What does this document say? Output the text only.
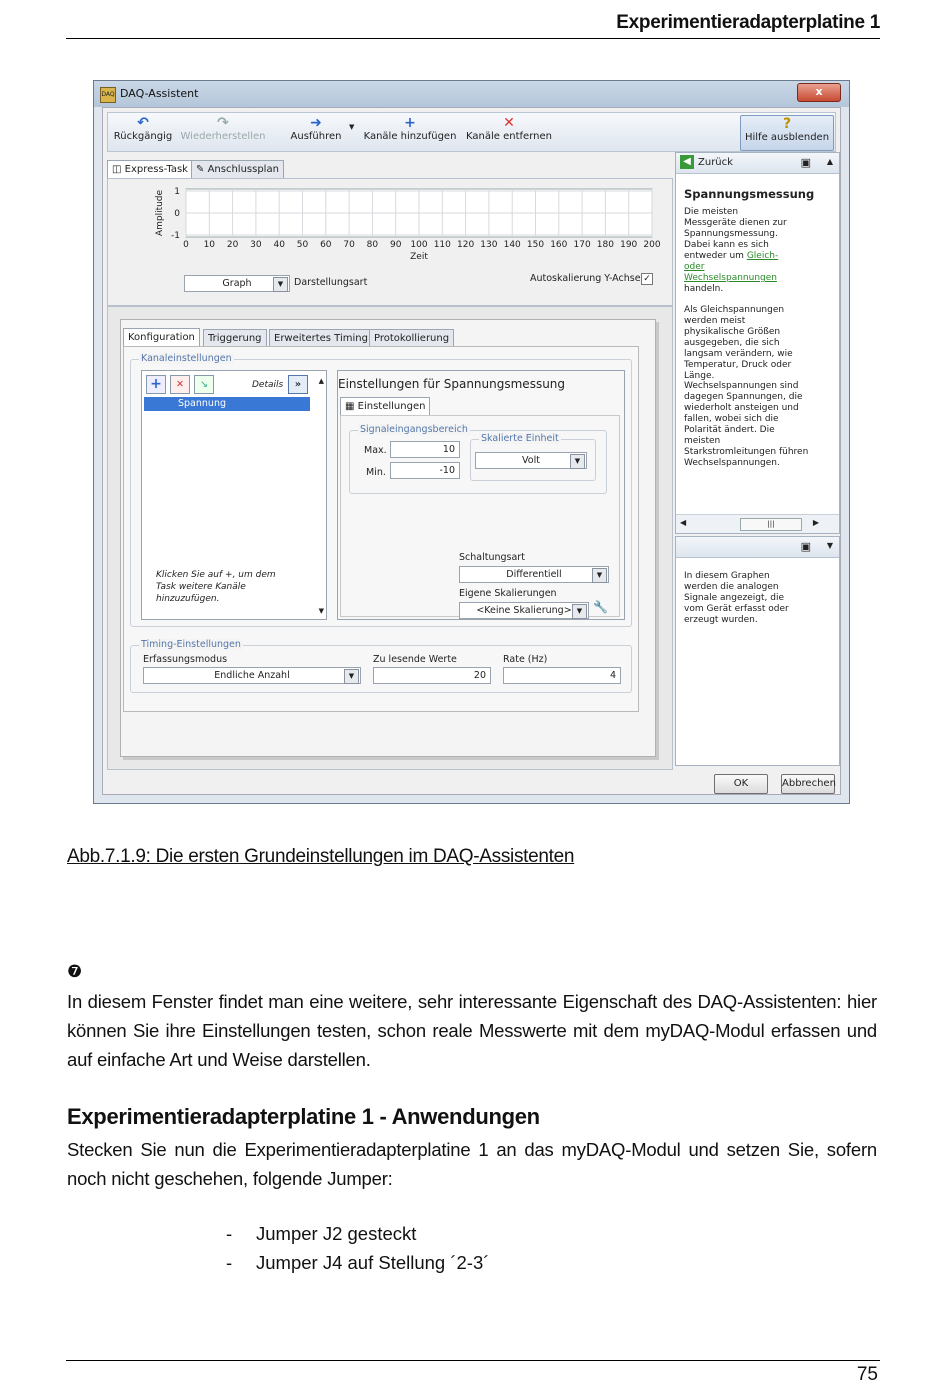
Experimentieradapterplatine 1
DAQ DAQ-Assistent	x
↶
Rückgängig
↷
Wiederherstellen
➜
Ausführen
▼	+
Kanäle hinzufügen
✕
Kanäle entfernen
?
Hilfe ausblenden
◫ Express-Task ✎ Anschlussplan
0 10 20 30 40 50 60 70 80 90 100 110 120 130 140 150 160 170 180 190 200
1
0
-1
Zeit
Amplitude
Graph	▼	Darstellungsart	Autoskalierung Y-Achse ✓
Konfiguration	Triggerung	Erweitertes Timing Protokollierung
Kanaleinstellungen
+	✕	↘	Details	»
Spannung
Klicken Sie auf +, um dem Task weitere Kanäle hinzuzufügen.
▲
▼
Einstellungen für Spannungsmessung
▦ Einstellungen
Signaleingangsbereich
Max.	10
Min.	-10
Skalierte Einheit
Volt	▼
Schaltungsart
Differentiell	▼
Eigene Skalierungen
<Keine Skalierung> ▼ 🔧
Timing-Einstellungen
Erfassungsmodus
Endliche Anzahl	▼
Zu lesende Werte
20
Rate (Hz)
4
◀ Zurück	▣ ▲
Spannungsmessung
Die meisten Messgeräte dienen zur Spannungsmessung. Dabei kann es sich entweder um Gleich- oder Wechselspannungen handeln.
Als Gleichspannungen werden meist physikalische Größen ausgegeben, die sich langsam verändern, wie Temperatur, Druck oder Länge.
Wechselspannungen sind dagegen Spannungen, die wiederholt ansteigen und fallen, wobei sich die Polarität ändert. Die meisten Starkstromleitungen führen Wechselspannungen.
◀	|||	▶
▣ ▼
In diesem Graphen werden die analogen Signale angezeigt, die vom Gerät erfasst oder erzeugt wurden.
OK	Abbrechen
Abb.7.1.9: Die ersten Grundeinstellungen im DAQ-Assistenten
❼
In diesem Fenster findet man eine weitere, sehr interessante Eigenschaft des DAQ-Assistenten: hier können Sie ihre Einstellungen testen, schon reale Messwerte mit dem myDAQ-Modul erfassen und auf einfache Art und Weise darstellen.
Experimentieradapterplatine 1 - Anwendungen
Stecken Sie nun die Experimentieradapterplatine 1 an das myDAQ-Modul und setzen Sie, sofern noch nicht geschehen, folgende Jumper:
- Jumper J2 gesteckt
- Jumper J4 auf Stellung ´2-3´
75
